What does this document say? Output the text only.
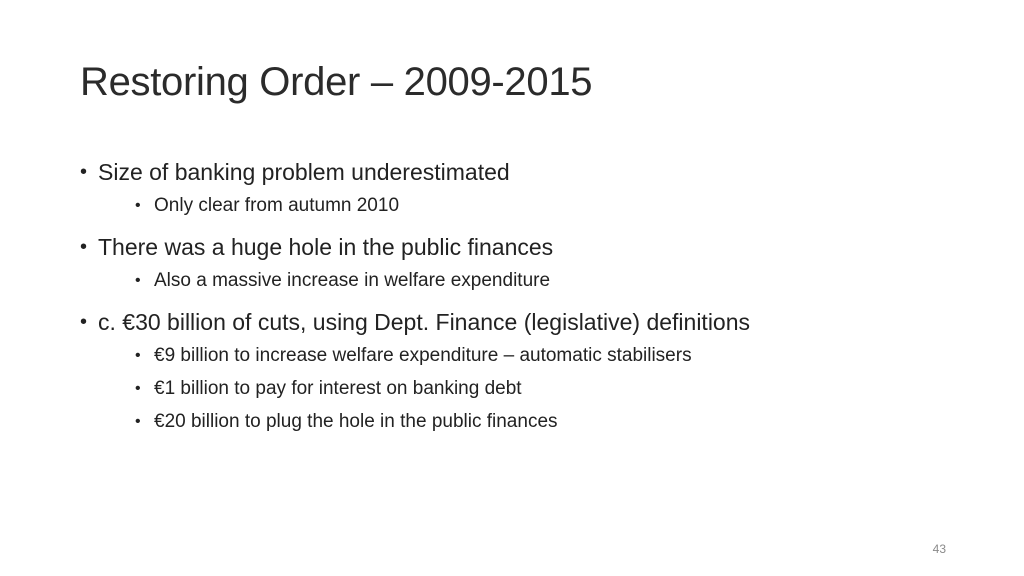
Restoring Order – 2009-2015
• Size of banking problem underestimated
• Only clear from autumn 2010
• There was a huge hole in the public finances
• Also a massive increase in welfare expenditure
• c. €30 billion of cuts, using Dept. Finance (legislative) definitions
• €9 billion to increase welfare expenditure – automatic stabilisers
• €1 billion to pay for interest on banking debt
• €20 billion to plug the hole in the public finances
43
